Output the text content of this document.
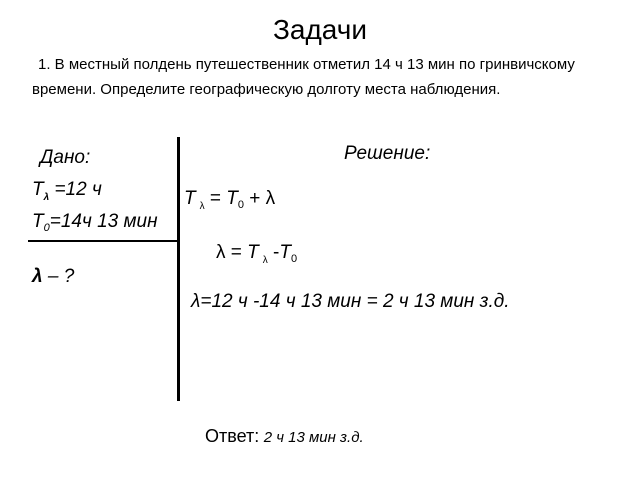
Задачи
1. В местный полдень путешественник отметил 14 ч 13 мин по гринвичскому времени. Определите географическую долготу места наблюдения.
Дано:
$T_\lambda =12$ ч
$T_0=14ч$ 13 мин
λ – ?
Решение:
T $_\lambda = T_0 + \lambda$
λ = T $_\lambda$ $-T_0$
λ=12 ч -14 ч 13 мин = 2 ч 13 мин з.д.
Ответ: 2 ч 13 мин з.д.
